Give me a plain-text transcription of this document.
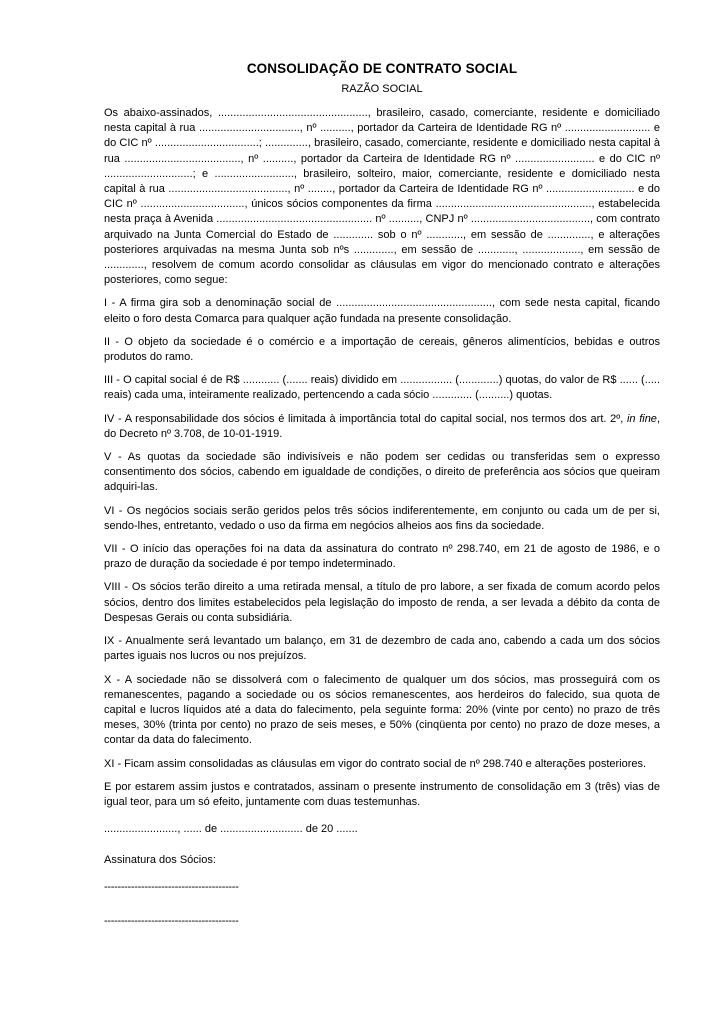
CONSOLIDAÇÃO DE CONTRATO SOCIAL

RAZÃO SOCIAL

Os abaixo-assinados, ................................................., brasileiro, casado, comerciante, residente e domiciliado nesta capital à rua ................................., nº .........., portador da Carteira de Identidade RG nº ............................ e do CIC nº ..................................; .............., brasileiro, casado, comerciante, residente e domiciliado nesta capital à rua ......................................, nº .........., portador da Carteira de Identidade RG nº .......................... e do CIC nº .............................; e .........................., brasileiro, solteiro, maior, comerciante, residente e domiciliado nesta capital à rua ......................................., nº ........, portador da Carteira de Identidade RG nº ............................. e do CIC nº .................................., únicos sócios componentes da firma ..................................................., estabelecida nesta praça à Avenida ................................................... nº .........., CNPJ nº ......................................., com contrato arquivado na Junta Comercial do Estado de ............. sob o nº ............, em sessão de .............., e alterações posteriores arquivadas na mesma Junta sob nºs ............., em sessão de ............, ..................., em sessão de ............., resolvem de comum acordo consolidar as cláusulas em vigor do mencionado contrato e alterações posteriores, como segue:

I - A firma gira sob a denominação social de ..................................................., com sede nesta capital, ficando eleito o foro desta Comarca para qualquer ação fundada na presente consolidação.

II - O objeto da sociedade é o comércio e a importação de cereais, gêneros alimentícios, bebidas e outros produtos do ramo.

III - O capital social é de R$ ............ (....... reais) dividido em ................. (.............) quotas, do valor de R$ ...... (..... reais) cada uma, inteiramente realizado, pertencendo a cada sócio ............. (..........) quotas.

IV - A responsabilidade dos sócios é limitada à importância total do capital social, nos termos dos art. 2º, in fine, do Decreto nº 3.708, de 10-01-1919.

V - As quotas da sociedade são indivisíveis e não podem ser cedidas ou transferidas sem o expresso consentimento dos sócios, cabendo em igualdade de condições, o direito de preferência aos sócios que queiram adquiri-las.

VI - Os negócios sociais serão geridos pelos três sócios indiferentemente, em conjunto ou cada um de per si, sendo-lhes, entretanto, vedado o uso da firma em negócios alheios aos fins da sociedade.

VII - O início das operações foi na data da assinatura do contrato nº 298.740, em 21 de agosto de 1986, e o prazo de duração da sociedade é por tempo indeterminado.

VIII - Os sócios terão direito a uma retirada mensal, a título de pro labore, a ser fixada de comum acordo pelos sócios, dentro dos limites estabelecidos pela legislação do imposto de renda, a ser levada a débito da conta de Despesas Gerais ou conta subsidiária.

IX - Anualmente será levantado um balanço, em 31 de dezembro de cada ano, cabendo a cada um dos sócios partes iguais nos lucros ou nos prejuízos.

X - A sociedade não se dissolverá com o falecimento de qualquer um dos sócios, mas prosseguirá com os remanescentes, pagando a sociedade ou os sócios remanescentes, aos herdeiros do falecido, sua quota de capital e lucros líquidos até a data do falecimento, pela seguinte forma: 20% (vinte por cento) no prazo de três meses, 30% (trinta por cento) no prazo de seis meses, e 50% (cinqüenta por cento) no prazo de doze meses, a contar da data do falecimento.

XI - Ficam assim consolidadas as cláusulas em vigor do contrato social de nº 298.740 e alterações posteriores.

E por estarem assim justos e contratados, assinam o presente instrumento de consolidação em 3 (três) vias de igual teor, para um só efeito, juntamente com duas testemunhas.

........................, ...... de ........................... de 20 .......

Assinatura dos Sócios:

----------------------------------------

----------------------------------------
